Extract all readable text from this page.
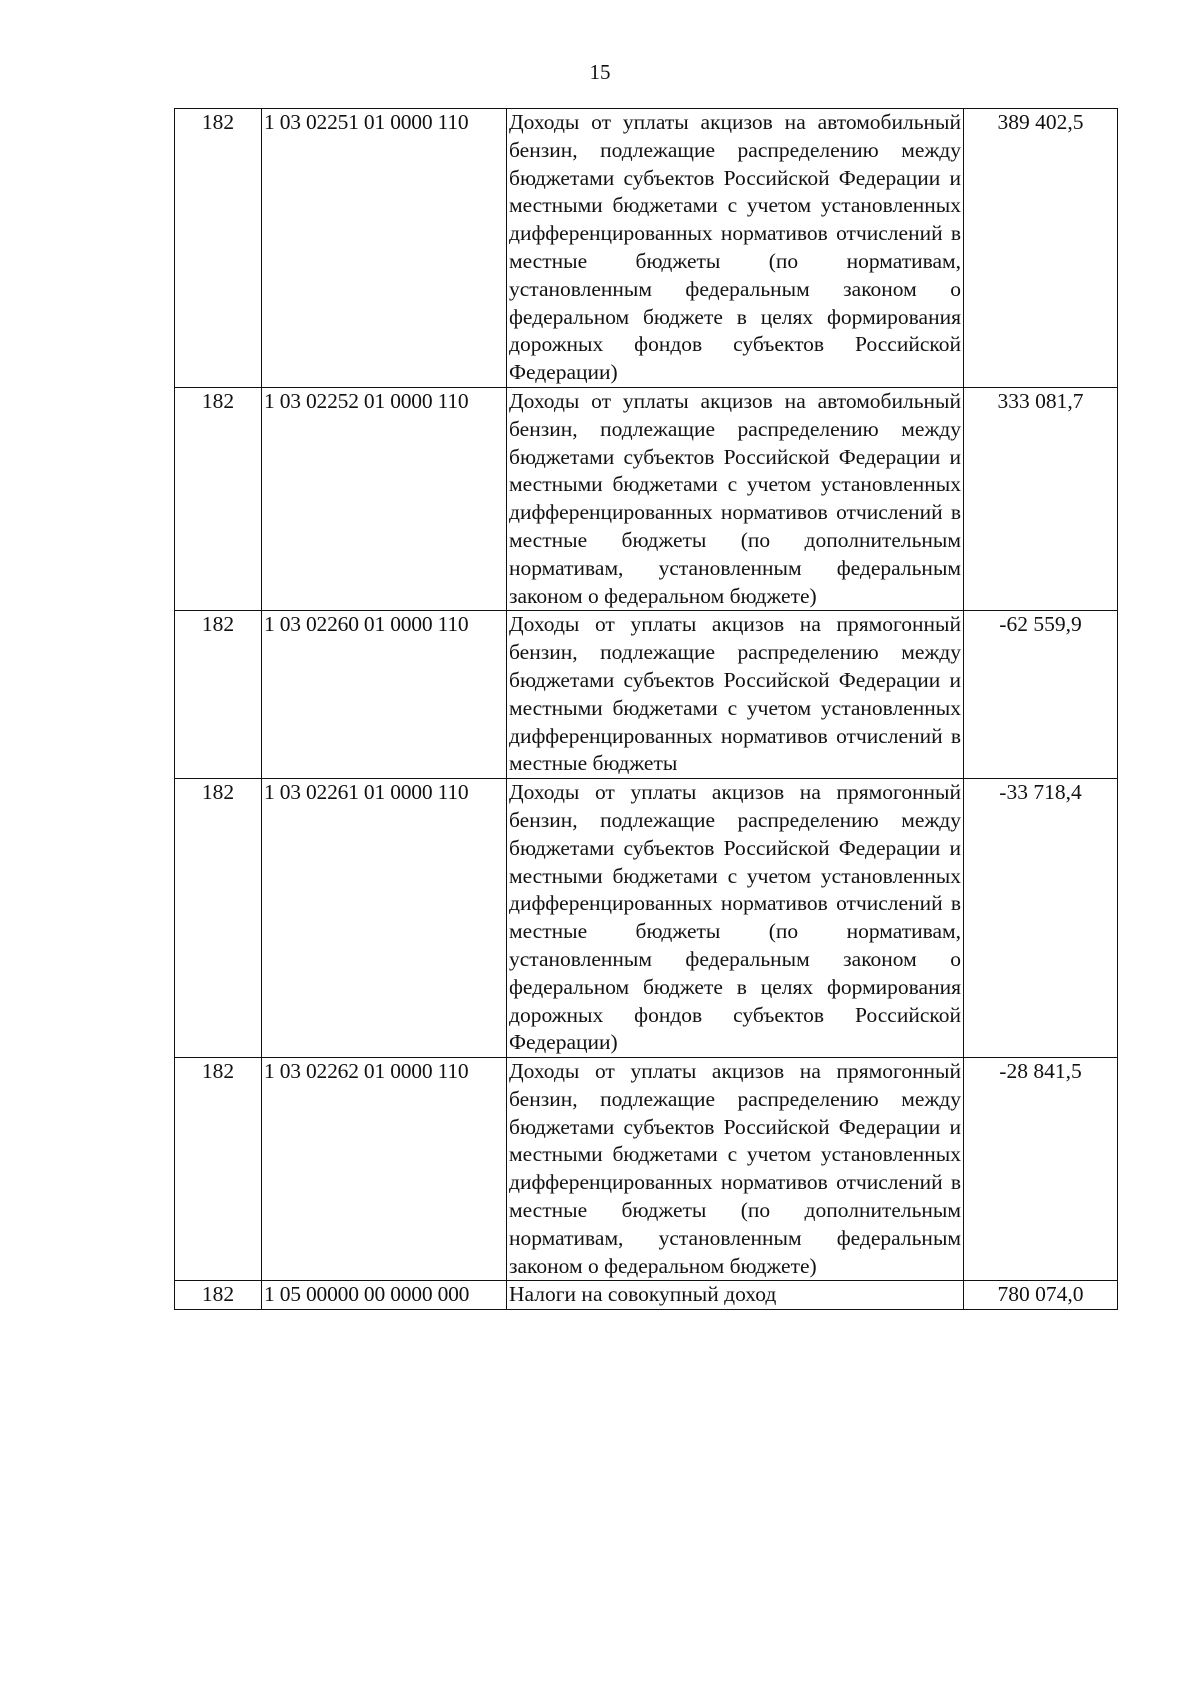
15
182	1 03 02251 01 0000 110	Доходы от уплаты акцизов на автомобильный бензин, подлежащие распределению между бюджетами субъектов Российской Федерации и местными бюджетами с учетом установленных дифференцированных нормативов отчислений в местные бюджеты (по нормативам, установленным федеральным законом о федеральном бюджете в целях формирования дорожных фондов субъектов Российской Федерации)	389 402,5
182	1 03 02252 01 0000 110	Доходы от уплаты акцизов на автомобильный бензин, подлежащие распределению между бюджетами субъектов Российской Федерации и местными бюджетами с учетом установленных дифференцированных нормативов отчислений в местные бюджеты (по дополнительным нормативам, установленным федеральным законом о федеральном бюджете)	333 081,7
182	1 03 02260 01 0000 110	Доходы от уплаты акцизов на прямогонный бензин, подлежащие распределению между бюджетами субъектов Российской Федерации и местными бюджетами с учетом установленных дифференцированных нормативов отчислений в местные бюджеты	-62 559,9
182	1 03 02261 01 0000 110	Доходы от уплаты акцизов на прямогонный бензин, подлежащие распределению между бюджетами субъектов Российской Федерации и местными бюджетами с учетом установленных дифференцированных нормативов отчислений в местные бюджеты (по нормативам, установленным федеральным законом о федеральном бюджете в целях формирования дорожных фондов субъектов Российской Федерации)	-33 718,4
182	1 03 02262 01 0000 110	Доходы от уплаты акцизов на прямогонный бензин, подлежащие распределению между бюджетами субъектов Российской Федерации и местными бюджетами с учетом установленных дифференцированных нормативов отчислений в местные бюджеты (по дополнительным нормативам, установленным федеральным законом о федеральном бюджете)	-28 841,5
182	1 05 00000 00 0000 000	Налоги на совокупный доход	780 074,0
